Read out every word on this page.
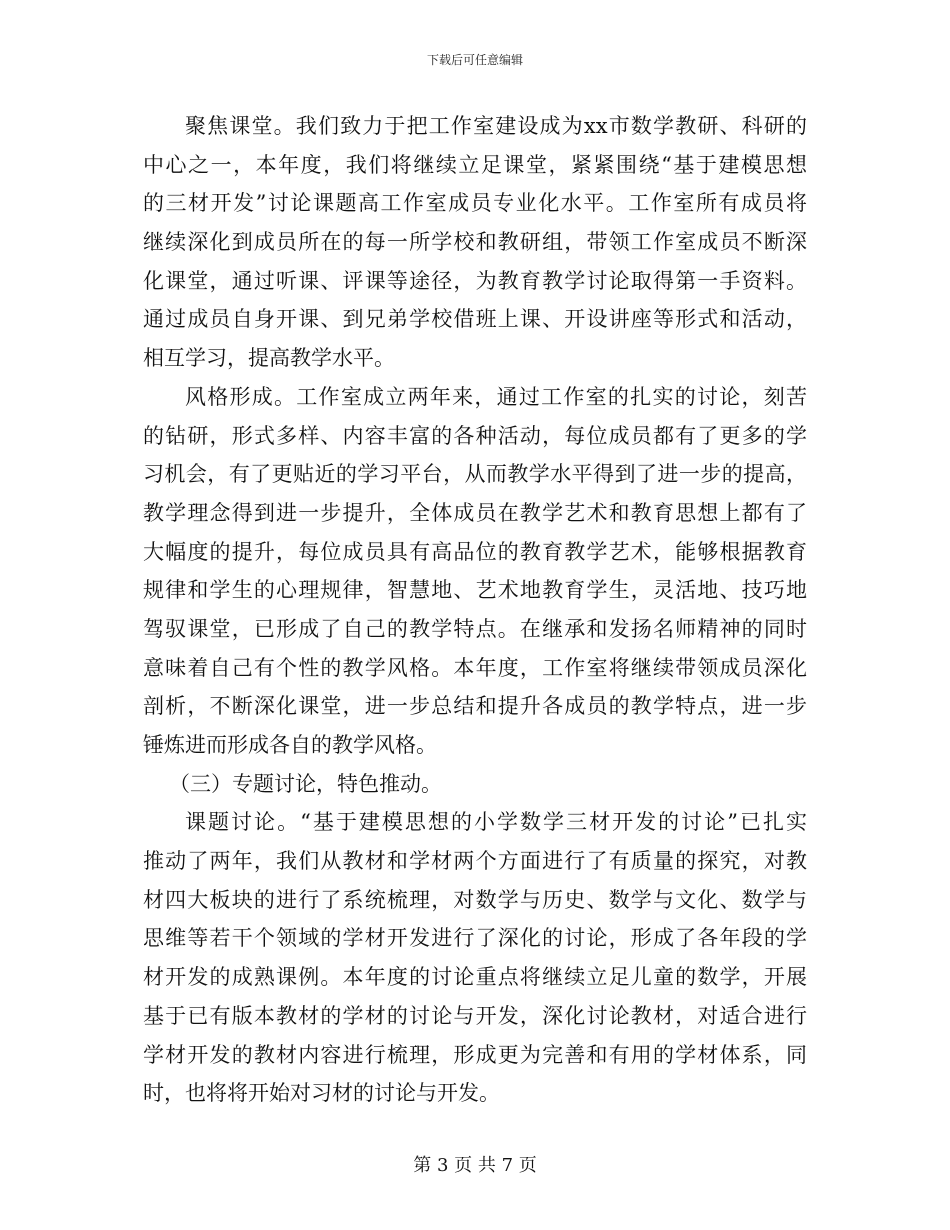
下载后可任意编辑
聚焦课堂。我们致力于把工作室建设成为xx市数学教研、科研的
中心之一，本年度，我们将继续立足课堂，紧紧围绕“基于建模思想
的三材开发”讨论课题高工作室成员专业化水平。工作室所有成员将
继续深化到成员所在的每一所学校和教研组，带领工作室成员不断深
化课堂，通过听课、评课等途径，为教育教学讨论取得第一手资料。
通过成员自身开课、到兄弟学校借班上课、开设讲座等形式和活动，
相互学习，提高教学水平。
风格形成。工作室成立两年来，通过工作室的扎实的讨论，刻苦
的钻研，形式多样、内容丰富的各种活动，每位成员都有了更多的学
习机会，有了更贴近的学习平台，从而教学水平得到了进一步的提高，
教学理念得到进一步提升，全体成员在教学艺术和教育思想上都有了
大幅度的提升，每位成员具有高品位的教育教学艺术，能够根据教育
规律和学生的心理规律，智慧地、艺术地教育学生，灵活地、技巧地
驾驭课堂，已形成了自己的教学特点。在继承和发扬名师精神的同时
意味着自己有个性的教学风格。本年度，工作室将继续带领成员深化
剖析，不断深化课堂，进一步总结和提升各成员的教学特点，进一步
锤炼进而形成各自的教学风格。
（三）专题讨论，特色推动。
课题讨论。“基于建模思想的小学数学三材开发的讨论”已扎实
推动了两年，我们从教材和学材两个方面进行了有质量的探究，对教
材四大板块的进行了系统梳理，对数学与历史、数学与文化、数学与
思维等若干个领域的学材开发进行了深化的讨论，形成了各年段的学
材开发的成熟课例。本年度的讨论重点将继续立足儿童的数学，开展
基于已有版本教材的学材的讨论与开发，深化讨论教材，对适合进行
学材开发的教材内容进行梳理，形成更为完善和有用的学材体系，同
时，也将将开始对习材的讨论与开发。
第 3 页 共 7 页
